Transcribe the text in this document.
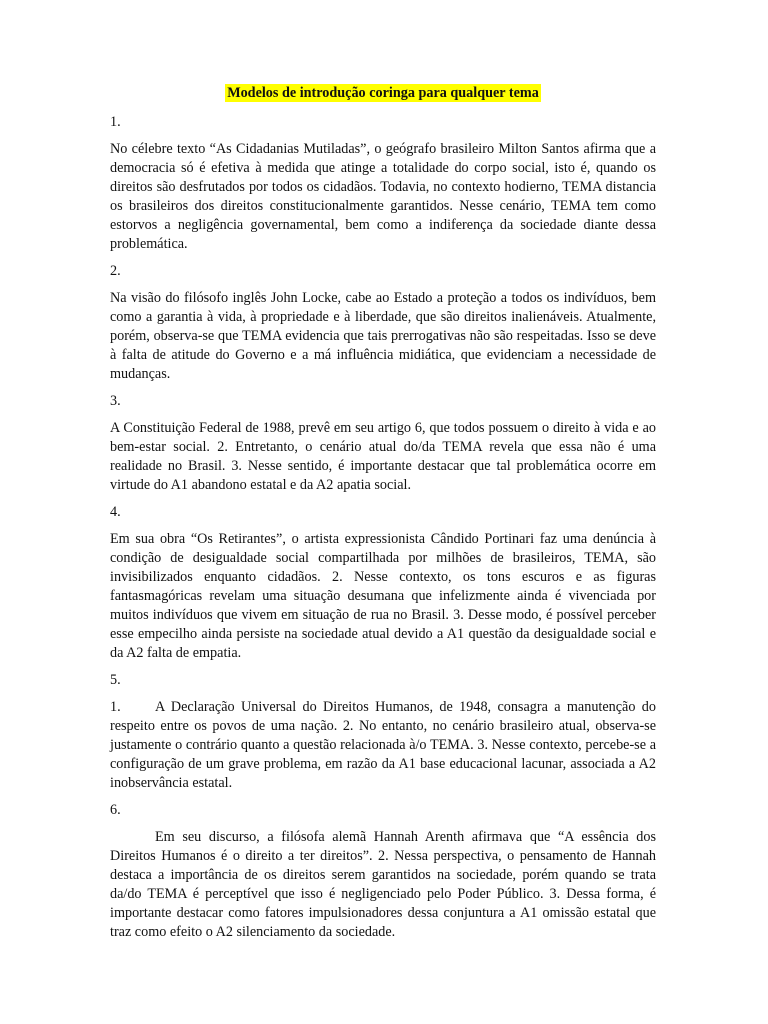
Modelos de introdução coringa para qualquer tema

1.

No célebre texto “As Cidadanias Mutiladas”, o geógrafo brasileiro Milton Santos afirma que a democracia só é efetiva à medida que atinge a totalidade do corpo social, isto é, quando os direitos são desfrutados por todos os cidadãos. Todavia, no contexto hodierno, TEMA distancia os brasileiros dos direitos constitucionalmente garantidos. Nesse cenário, TEMA tem como estorvos a negligência governamental, bem como a indiferença da sociedade diante dessa problemática.

2.

Na visão do filósofo inglês John Locke, cabe ao Estado a proteção a todos os indivíduos, bem como a garantia à vida, à propriedade e à liberdade, que são direitos inalienáveis. Atualmente, porém, observa-se que TEMA evidencia que tais prerrogativas não são respeitadas. Isso se deve à falta de atitude do Governo e a má influência midiática, que evidenciam a necessidade de mudanças.

3.

A Constituição Federal de 1988, prevê em seu artigo 6, que todos possuem o direito à vida e ao bem-estar social. 2. Entretanto, o cenário atual do/da TEMA revela que essa não é uma realidade no Brasil. 3. Nesse sentido, é importante destacar que tal problemática ocorre em virtude do A1 abandono estatal e da A2 apatia social.

4.

Em sua obra “Os Retirantes”, o artista expressionista Cândido Portinari faz uma denúncia à condição de desigualdade social compartilhada por milhões de brasileiros, TEMA, são invisibilizados enquanto cidadãos. 2. Nesse contexto, os tons escuros e as figuras fantasmagóricas revelam uma situação desumana que infelizmente ainda é vivenciada por muitos indivíduos que vivem em situação de rua no Brasil. 3. Desse modo, é possível perceber esse empecilho ainda persiste na sociedade atual devido a A1 questão da desigualdade social e da A2 falta de empatia.

5.

1. A Declaração Universal do Direitos Humanos, de 1948, consagra a manutenção do respeito entre os povos de uma nação. 2. No entanto, no cenário brasileiro atual, observa-se justamente o contrário quanto a questão relacionada à/o TEMA. 3. Nesse contexto, percebe-se a configuração de um grave problema, em razão da A1 base educacional lacunar, associada a A2 inobservância estatal.

6.

Em seu discurso, a filósofa alemã Hannah Arenth afirmava que “A essência dos Direitos Humanos é o direito a ter direitos”. 2. Nessa perspectiva, o pensamento de Hannah destaca a importância de os direitos serem garantidos na sociedade, porém quando se trata da/do TEMA é perceptível que isso é negligenciado pelo Poder Público. 3. Dessa forma, é importante destacar como fatores impulsionadores dessa conjuntura a A1 omissão estatal que traz como efeito o A2 silenciamento da sociedade.
